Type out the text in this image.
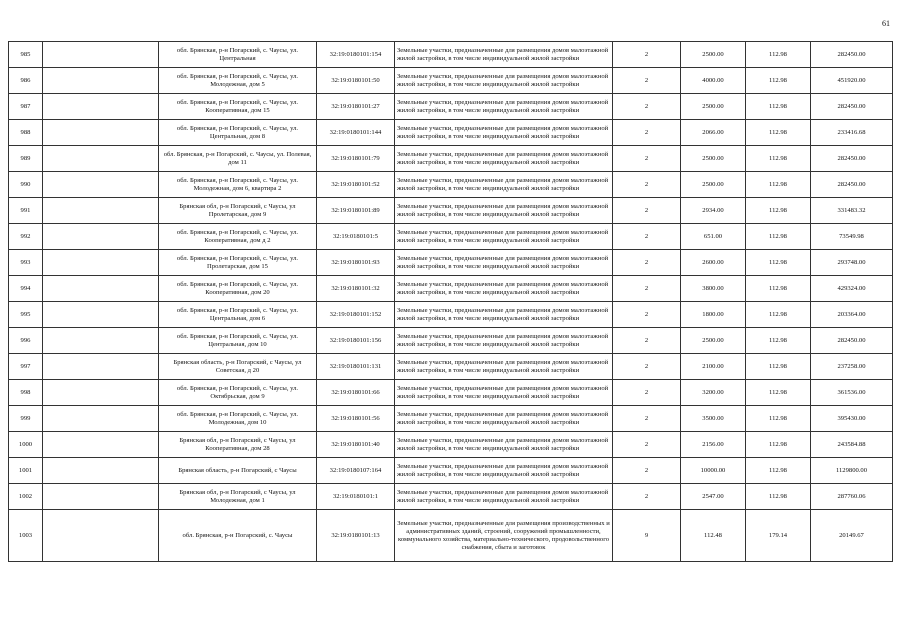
61
985		обл. Брянская, р-н Погарский, с. Чаусы, ул. Центральная	32:19:0180101:154	Земельные участки, предназначенные для размещения домов малоэтажной жилой застройки, в том числе индивидуальной жилой застройки	2	2500.00	112.98	282450.00
986		обл. Брянская, р-н Погарский, с. Чаусы, ул. Молодежная, дом 5	32:19:0180101:50	Земельные участки, предназначенные для размещения домов малоэтажной жилой застройки, в том числе индивидуальной жилой застройки	2	4000.00	112.98	451920.00
987		обл. Брянская, р-н Погарский, с. Чаусы, ул. Кооперативная, дом 15	32:19:0180101:27	Земельные участки, предназначенные для размещения домов малоэтажной жилой застройки, в том числе индивидуальной жилой застройки	2	2500.00	112.98	282450.00
988		обл. Брянская, р-н Погарский, с. Чаусы, ул. Центральная, дом 8	32:19:0180101:144	Земельные участки, предназначенные для размещения домов малоэтажной жилой застройки, в том числе индивидуальной жилой застройки	2	2066.00	112.98	233416.68
989		обл. Брянская, р-н Погарский, с. Чаусы, ул. Полевая, дом 11	32:19:0180101:79	Земельные участки, предназначенные для размещения домов малоэтажной жилой застройки, в том числе индивидуальной жилой застройки	2	2500.00	112.98	282450.00
990		обл. Брянская, р-н Погарский, с. Чаусы, ул. Молодежная, дом 6, квартира 2	32:19:0180101:52	Земельные участки, предназначенные для размещения домов малоэтажной жилой застройки, в том числе индивидуальной жилой застройки	2	2500.00	112.98	282450.00
991		Брянская обл, р-н Погарский, с Чаусы, ул Пролетарская, дом 9	32:19:0180101:89	Земельные участки, предназначенные для размещения домов малоэтажной жилой застройки, в том числе индивидуальной жилой застройки	2	2934.00	112.98	331483.32
992		обл. Брянская, р-н Погарский, с. Чаусы, ул. Кооперативная, дом д 2	32:19:0180101:5	Земельные участки, предназначенные для размещения домов малоэтажной жилой застройки, в том числе индивидуальной жилой застройки	2	651.00	112.98	73549.98
993		обл. Брянская, р-н Погарский, с. Чаусы, ул. Пролетарская, дом 15	32:19:0180101:93	Земельные участки, предназначенные для размещения домов малоэтажной жилой застройки, в том числе индивидуальной жилой застройки	2	2600.00	112.98	293748.00
994		обл. Брянская, р-н Погарский, с. Чаусы, ул. Кооперативная, дом 20	32:19:0180101:32	Земельные участки, предназначенные для размещения домов малоэтажной жилой застройки, в том числе индивидуальной жилой застройки	2	3800.00	112.98	429324.00
995		обл. Брянская, р-н Погарский, с. Чаусы, ул. Центральная, дом 6	32:19:0180101:152	Земельные участки, предназначенные для размещения домов малоэтажной жилой застройки, в том числе индивидуальной жилой застройки	2	1800.00	112.98	203364.00
996		обл. Брянская, р-н Погарский, с. Чаусы, ул. Центральная, дом 10	32:19:0180101:156	Земельные участки, предназначенные для размещения домов малоэтажной жилой застройки, в том числе индивидуальной жилой застройки	2	2500.00	112.98	282450.00
997		Брянская область, р-н Погарский, с Чаусы, ул Советская, д 20	32:19:0180101:131	Земельные участки, предназначенные для размещения домов малоэтажной жилой застройки, в том числе индивидуальной жилой застройки	2	2100.00	112.98	237258.00
998		обл. Брянская, р-н Погарский, с. Чаусы, ул. Октябрьская, дом 9	32:19:0180101:66	Земельные участки, предназначенные для размещения домов малоэтажной жилой застройки, в том числе индивидуальной жилой застройки	2	3200.00	112.98	361536.00
999		обл. Брянская, р-н Погарский, с. Чаусы, ул. Молодежная, дом 10	32:19:0180101:56	Земельные участки, предназначенные для размещения домов малоэтажной жилой застройки, в том числе индивидуальной жилой застройки	2	3500.00	112.98	395430.00
1000		Брянская обл, р-н Погарский, с Чаусы, ул Кооперативная, дом 28	32:19:0180101:40	Земельные участки, предназначенные для размещения домов малоэтажной жилой застройки, в том числе индивидуальной жилой застройки	2	2156.00	112.98	243584.88
1001		Брянская область, р-н Погарский, с Чаусы	32:19:0180107:164	Земельные участки, предназначенные для размещения домов малоэтажной жилой застройки, в том числе индивидуальной жилой застройки	2	10000.00	112.98	1129800.00
1002		Брянская обл, р-н Погарский, с Чаусы, ул Молодежная, дом 1	32:19:0180101:1	Земельные участки, предназначенные для размещения домов малоэтажной жилой застройки, в том числе индивидуальной жилой застройки	2	2547.00	112.98	287760.06
1003		обл. Брянская, р-н Погарский, с. Чаусы	32:19:0180101:13	Земельные участки, предназначенные для размещения производственных и административных зданий, строений, сооружений промышленности, коммунального хозяйства, материально-технического, продовольственного снабжения, сбыта и заготовок	9	112.48	179.14	20149.67
